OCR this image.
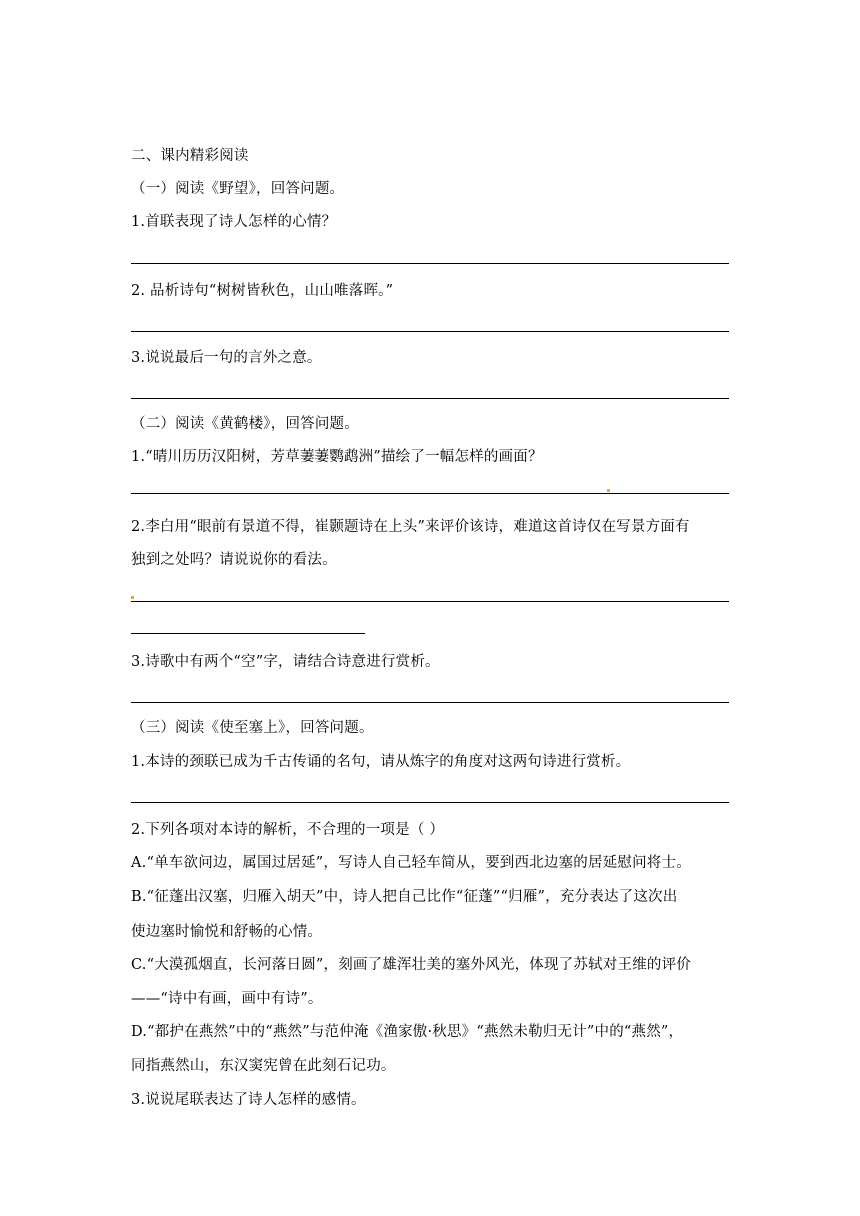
二、课内精彩阅读
（一）阅读《野望》，回答问题。
1.首联表现了诗人怎样的心情？
2. 品析诗句“树树皆秋色，山山唯落晖。”
3.说说最后一句的言外之意。
（二）阅读《黄鹤楼》，回答问题。
1.“晴川历历汉阳树，芳草萋萋鹦鹉洲”描绘了一幅怎样的画面？
2.李白用“眼前有景道不得，崔颢题诗在上头”来评价该诗，难道这首诗仅在写景方面有
独到之处吗？请说说你的看法。
3.诗歌中有两个“空”字，请结合诗意进行赏析。
（三）阅读《使至塞上》，回答问题。
1.本诗的颈联已成为千古传诵的名句，请从炼字的角度对这两句诗进行赏析。
2.下列各项对本诗的解析，不合理的一项是（ ）
A.“单车欲问边，属国过居延”，写诗人自己轻车简从，要到西北边塞的居延慰问将士。
B.“征蓬出汉塞，归雁入胡天”中，诗人把自己比作“征蓬”“归雁”，充分表达了这次出
使边塞时愉悦和舒畅的心情。
C.“大漠孤烟直，长河落日圆”，刻画了雄浑壮美的塞外风光，体现了苏轼对王维的评价
——“诗中有画，画中有诗”。
D.“都护在燕然”中的“燕然”与范仲淹《渔家傲·秋思》“燕然未勒归无计”中的“燕然”，
同指燕然山，东汉窦宪曾在此刻石记功。
3.说说尾联表达了诗人怎样的感情。
